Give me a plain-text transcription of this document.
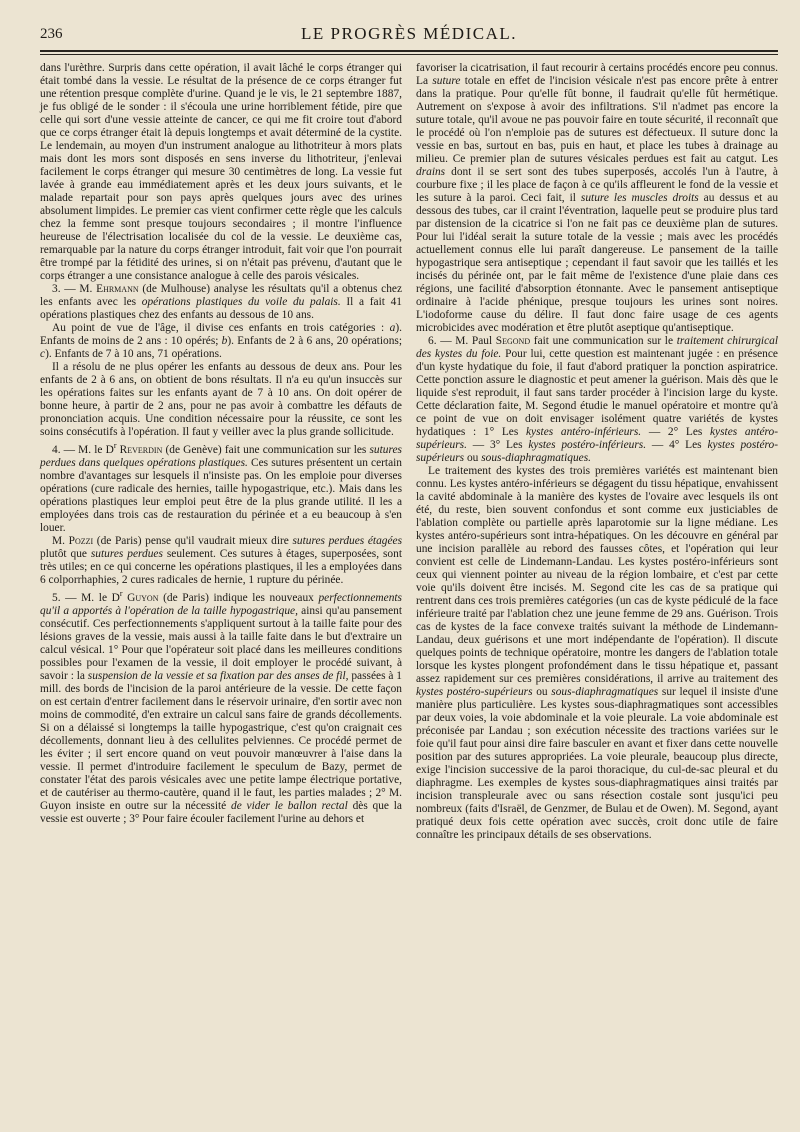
236	LE PROGRÈS MÉDICAL.

dans l'urèthre. Surpris dans cette opération, il avait lâché le corps étranger qui était tombé dans la vessie. Le résultat de la présence de ce corps étranger fut une rétention presque complète d'urine. Quand je le vis, le 21 septembre 1887, je fus obligé de le sonder : il s'écoula une urine horriblement fétide, pire que celle qui sort d'une vessie atteinte de cancer, ce qui me fit croire tout d'abord que ce corps étranger était là depuis longtemps et avait déterminé de la cystite. Le lendemain, au moyen d'un instrument analogue au lithotriteur à mors plats mais dont les mors sont disposés en sens inverse du lithotriteur, j'enlevai facilement le corps étranger qui mesure 30 centimètres de long. La vessie fut lavée à grande eau immédiatement après et les deux jours suivants, et le malade repartait pour son pays après quelques jours avec des urines absolument limpides. Le premier cas vient confirmer cette règle que les calculs chez la femme sont presque toujours secondaires ; il montre l'influence heureuse de l'électrisation localisée du col de la vessie. Le deuxième cas, remarquable par la nature du corps étranger introduit, fait voir que l'on pourrait être trompé par la fétidité des urines, si on n'était pas prévenu, d'autant que le corps étranger a une consistance analogue à celle des parois vésicales.

3. — M. Ehrmann (de Mulhouse) analyse les résultats qu'il a obtenus chez les enfants avec les opérations plastiques du voile du palais. Il a fait 41 opérations plastiques chez des enfants au dessous de 10 ans.

Au point de vue de l'âge, il divise ces enfants en trois catégories : a). Enfants de moins de 2 ans : 10 opérés; b). Enfants de 2 à 6 ans, 20 opérations; c). Enfants de 7 à 10 ans, 71 opérations.

Il a résolu de ne plus opérer les enfants au dessous de deux ans. Pour les enfants de 2 à 6 ans, on obtient de bons résultats. Il n'a eu qu'un insuccès sur les opérations faites sur les enfants ayant de 7 à 10 ans. On doit opérer de bonne heure, à partir de 2 ans, pour ne pas avoir à combattre les défauts de prononciation acquis. Une condition nécessaire pour la réussite, ce sont les soins consécutifs à l'opération. Il faut y veiller avec la plus grande sollicitude.

4. — M. le $D^r$ Reverdin (de Genève) fait une communication sur les sutures perdues dans quelques opérations plastiques. Ces sutures présentent un certain nombre d'avantages sur lesquels il n'insiste pas. On les emploie pour diverses opérations (cure radicale des hernies, taille hypogastrique, etc.). Mais dans les opérations plastiques leur emploi peut être de la plus grande utilité. Il les a employées dans trois cas de restauration du périnée et a eu beaucoup à s'en louer.

M. Pozzi (de Paris) pense qu'il vaudrait mieux dire sutures perdues étagées plutôt que sutures perdues seulement. Ces sutures à étages, superposées, sont très utiles; en ce qui concerne les opérations plastiques, il les a employées dans 6 colporrhaphies, 2 cures radicales de hernie, 1 rupture du périnée.

5. — M. le $D^r$ Guyon (de Paris) indique les nouveaux perfectionnements qu'il a apportés à l'opération de la taille hypogastrique, ainsi qu'au pansement consécutif. Ces perfectionnements s'appliquent surtout à la taille faite pour des lésions graves de la vessie, mais aussi à la taille faite dans le but d'extraire un calcul vésical. 1° Pour que l'opérateur soit placé dans les meilleures conditions possibles pour l'examen de la vessie, il doit employer le procédé suivant, à savoir : la suspension de la vessie et sa fixation par des anses de fil, passées à 1 mill. des bords de l'incision de la paroi antérieure de la vessie. De cette façon on est certain d'entrer facilement dans le réservoir urinaire, d'en sortir avec non moins de commodité, d'en extraire un calcul sans faire de grands décollements. Si on a délaissé si longtemps la taille hypogastrique, c'est qu'on craignait ces décollements, donnant lieu à des cellulites pelviennes. Ce procédé permet de les éviter ; il sert encore quand on veut pouvoir manœuvrer à l'aise dans la vessie. Il permet d'introduire facilement le speculum de Bazy, permet de constater l'état des parois vésicales avec une petite lampe électrique portative, et de cautériser au thermo-cautère, quand il le faut, les parties malades ; 2° M. Guyon insiste en outre sur la nécessité de vider le ballon rectal dès que la vessie est ouverte ; 3° Pour faire écouler facilement l'urine au dehors et

favoriser la cicatrisation, il faut recourir à certains procédés encore peu connus. La suture totale en effet de l'incision vésicale n'est pas encore prête à entrer dans la pratique. Pour qu'elle fût bonne, il faudrait qu'elle fût hermétique. Autrement on s'expose à avoir des infiltrations. S'il n'admet pas encore la suture totale, qu'il avoue ne pas pouvoir faire en toute sécurité, il reconnaît que le procédé où l'on n'emploie pas de sutures est défectueux. Il suture donc la vessie en bas, surtout en bas, puis en haut, et place les tubes à drainage au milieu. Ce premier plan de sutures vésicales perdues est fait au catgut. Les drains dont il se sert sont des tubes superposés, accolés l'un à l'autre, à courbure fixe ; il les place de façon à ce qu'ils affleurent le fond de la vessie et les suture à la paroi. Ceci fait, il suture les muscles droits au dessus et au dessous des tubes, car il craint l'éventration, laquelle peut se produire plus tard par distension de la cicatrice si l'on ne fait pas ce deuxième plan de sutures. Pour lui l'idéal serait la suture totale de la vessie ; mais avec les procédés actuellement connus elle lui paraît dangereuse. Le pansement de la taille hypogastrique sera antiseptique ; cependant il faut savoir que les taillés et les incisés du périnée ont, par le fait même de l'existence d'une plaie dans ces régions, une facilité d'absorption étonnante. Avec le pansement antiseptique ordinaire à l'acide phénique, presque toujours les urines sont noires. L'iodoforme cause du délire. Il faut donc faire usage de ces agents microbicides avec modération et être plutôt aseptique qu'antiseptique.

6. — M. Paul Segond fait une communication sur le traitement chirurgical des kystes du foie. Pour lui, cette question est maintenant jugée : en présence d'un kyste hydatique du foie, il faut d'abord pratiquer la ponction aspiratrice. Cette ponction assure le diagnostic et peut amener la guérison. Mais dès que le liquide s'est reproduit, il faut sans tarder procéder à l'incision large du kyste. Cette déclaration faite, M. Segond étudie le manuel opératoire et montre qu'à ce point de vue on doit envisager isolément quatre variétés de kystes hydatiques : 1° Les kystes antéro-inférieurs. — 2° Les kystes antéro-supérieurs. — 3° Les kystes postéro-inférieurs. — 4° Les kystes postéro-supérieurs ou sous-diaphragmatiques.

Le traitement des kystes des trois premières variétés est maintenant bien connu. Les kystes antéro-inférieurs se dégagent du tissu hépatique, envahissent la cavité abdominale à la manière des kystes de l'ovaire avec lesquels ils ont été, du reste, bien souvent confondus et sont comme eux justiciables de l'ablation complète ou partielle après laparotomie sur la ligne médiane. Les kystes antéro-supérieurs sont intra-hépatiques. On les découvre en général par une incision parallèle au rebord des fausses côtes, et l'opération qui leur convient est celle de Lindemann-Landau. Les kystes postéro-inférieurs sont ceux qui viennent pointer au niveau de la région lombaire, et c'est par cette voie qu'ils doivent être incisés. M. Segond cite les cas de sa pratique qui rentrent dans ces trois premières catégories (un cas de kyste pédiculé de la face inférieure traité par l'ablation chez une jeune femme de 29 ans. Guérison. Trois cas de kystes de la face convexe traités suivant la méthode de Lindemann-Landau, deux guérisons et une mort indépendante de l'opération). Il discute quelques points de technique opératoire, montre les dangers de l'ablation totale lorsque les kystes plongent profondément dans le tissu hépatique et, passant assez rapidement sur ces premières considérations, il arrive au traitement des kystes postéro-supérieurs ou sous-diaphragmatiques sur lequel il insiste d'une manière plus particulière. Les kystes sous-diaphragmatiques sont accessibles par deux voies, la voie abdominale et la voie pleurale. La voie abdominale est préconisée par Landau ; son exécution nécessite des tractions variées sur le foie qu'il faut pour ainsi dire faire basculer en avant et fixer dans cette nouvelle position par des sutures appropriées. La voie pleurale, beaucoup plus directe, exige l'incision successive de la paroi thoracique, du cul-de-sac pleural et du diaphragme. Les exemples de kystes sous-diaphragmatiques ainsi traités par incision transpleurale avec ou sans résection costale sont jusqu'ici peu nombreux (faits d'Israël, de Genzmer, de Bulau et de Owen). M. Segond, ayant pratiqué deux fois cette opération avec succès, croit donc utile de faire connaître les principaux détails de ses observations.
